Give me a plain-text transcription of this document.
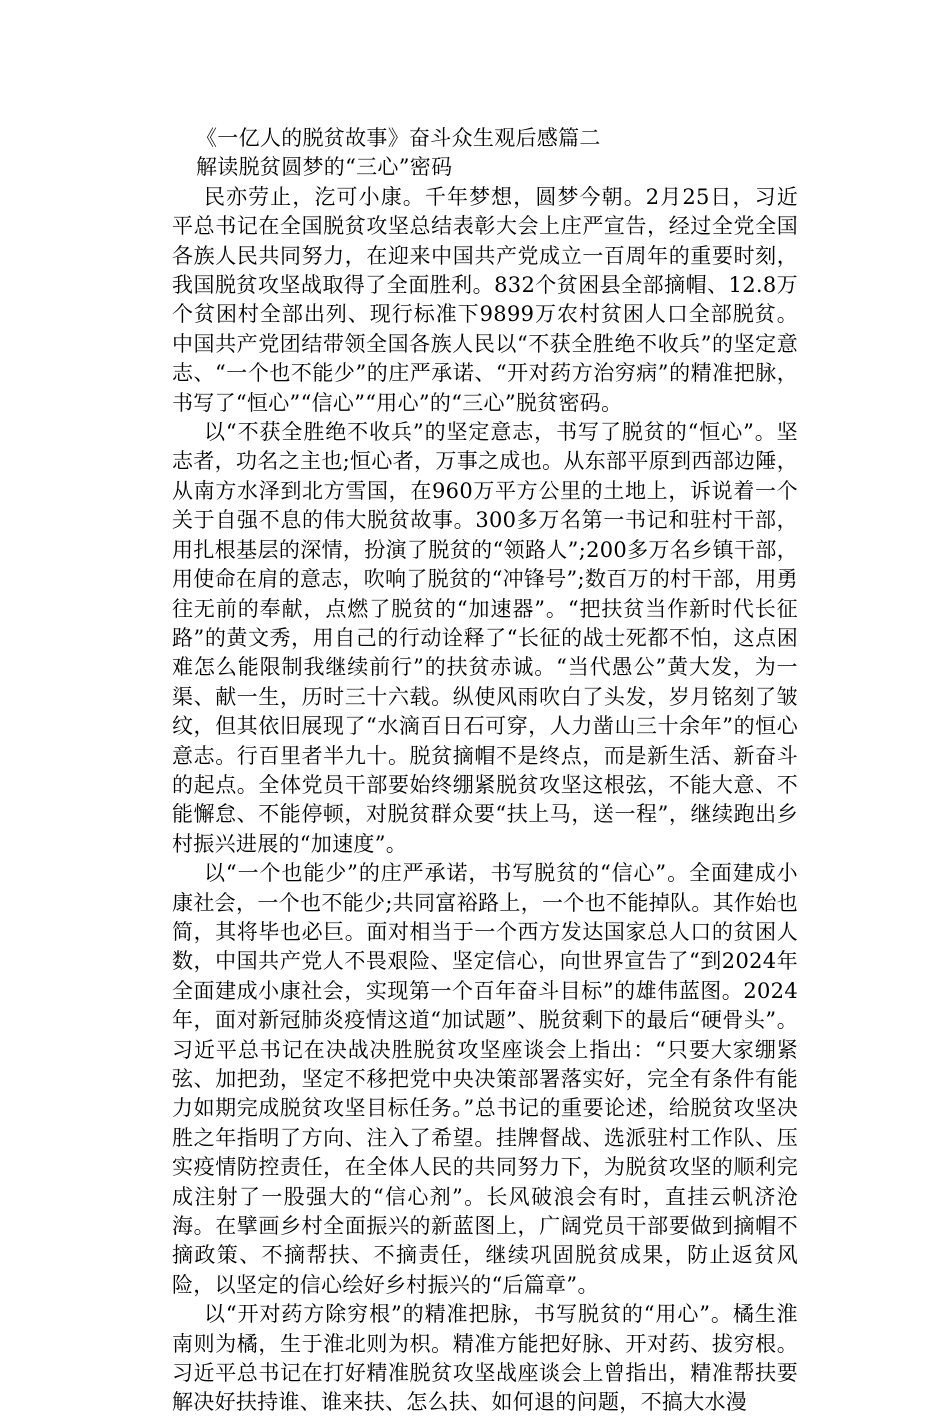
《一亿人的脱贫故事》奋斗众生观后感篇二

解读脱贫圆梦的“三心”密码

民亦劳止，汔可小康。千年梦想，圆梦今朝。2月25日，习近平总书记在全国脱贫攻坚总结表彰大会上庄严宣告，经过全党全国各族人民共同努力，在迎来中国共产党成立一百周年的重要时刻，我国脱贫攻坚战取得了全面胜利。832个贫困县全部摘帽、12.8万个贫困村全部出列、现行标准下9899万农村贫困人口全部脱贫。中国共产党团结带领全国各族人民以“不获全胜绝不收兵”的坚定意志、“一个也不能少”的庄严承诺、“开对药方治穷病”的精准把脉，书写了“恒心”“信心”“用心”的“三心”脱贫密码。

以“不获全胜绝不收兵”的坚定意志，书写了脱贫的“恒心”。坚志者，功名之主也;恒心者，万事之成也。从东部平原到西部边陲，从南方水泽到北方雪国，在960万平方公里的土地上，诉说着一个关于自强不息的伟大脱贫故事。300多万名第一书记和驻村干部，用扎根基层的深情，扮演了脱贫的“领路人”;200多万名乡镇干部，用使命在肩的意志，吹响了脱贫的“冲锋号”;数百万的村干部，用勇往无前的奉献，点燃了脱贫的“加速器”。“把扶贫当作新时代长征路”的黄文秀，用自己的行动诠释了“长征的战士死都不怕，这点困难怎么能限制我继续前行”的扶贫赤诚。“当代愚公”黄大发，为一渠、献一生，历时三十六载。纵使风雨吹白了头发，岁月铭刻了皱纹，但其依旧展现了“水滴百日石可穿，人力凿山三十余年”的恒心意志。行百里者半九十。脱贫摘帽不是终点，而是新生活、新奋斗的起点。全体党员干部要始终绷紧脱贫攻坚这根弦，不能大意、不能懈怠、不能停顿，对脱贫群众要“扶上马，送一程”，继续跑出乡村振兴进展的“加速度”。

以“一个也能少”的庄严承诺，书写脱贫的“信心”。全面建成小康社会，一个也不能少;共同富裕路上，一个也不能掉队。其作始也简，其将毕也必巨。面对相当于一个西方发达国家总人口的贫困人数，中国共产党人不畏艰险、坚定信心，向世界宣告了“到2024年全面建成小康社会，实现第一个百年奋斗目标”的雄伟蓝图。2024年，面对新冠肺炎疫情这道“加试题”、脱贫剩下的最后“硬骨头”。习近平总书记在决战决胜脱贫攻坚座谈会上指出：“只要大家绷紧弦、加把劲，坚定不移把党中央决策部署落实好，完全有条件有能力如期完成脱贫攻坚目标任务。”总书记的重要论述，给脱贫攻坚决胜之年指明了方向、注入了希望。挂牌督战、选派驻村工作队、压实疫情防控责任，在全体人民的共同努力下，为脱贫攻坚的顺利完成注射了一股强大的“信心剂”。长风破浪会有时，直挂云帆济沧海。在擘画乡村全面振兴的新蓝图上，广阔党员干部要做到摘帽不摘政策、不摘帮扶、不摘责任，继续巩固脱贫成果，防止返贫风险，以坚定的信心绘好乡村振兴的“后篇章”。

以“开对药方除穷根”的精准把脉，书写脱贫的“用心”。橘生淮南则为橘，生于淮北则为枳。精准方能把好脉、开对药、拔穷根。习近平总书记在打好精准脱贫攻坚战座谈会上曾指出，精准帮扶要解决好扶持谁、谁来扶、怎么扶、如何退的问题，不搞大水漫
